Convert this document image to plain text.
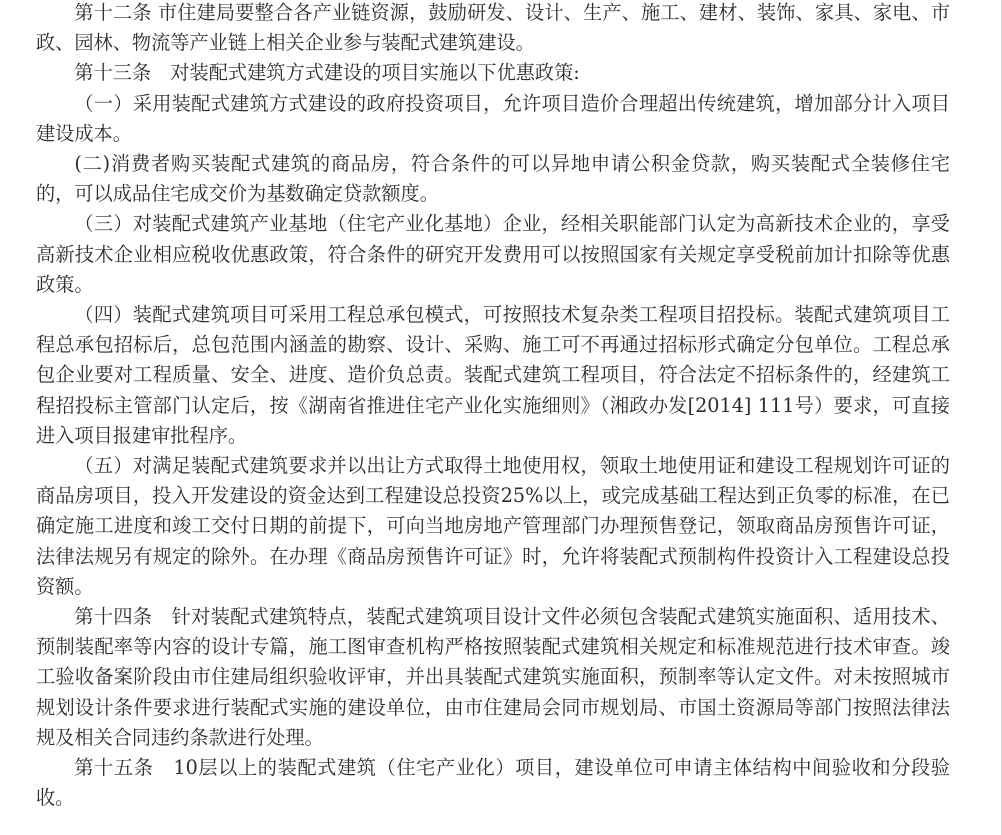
第十二条 市住建局要整合各产业链资源，鼓励研发、设计、生产、施工、建材、装饰、家具、家电、市政、园林、物流等产业链上相关企业参与装配式建筑建设。

第十三条　对装配式建筑方式建设的项目实施以下优惠政策:

（一）采用装配式建筑方式建设的政府投资项目，允许项目造价合理超出传统建筑，增加部分计入项目建设成本。

(二)消费者购买装配式建筑的商品房，符合条件的可以异地申请公积金贷款，购买装配式全装修住宅的，可以成品住宅成交价为基数确定贷款额度。

（三）对装配式建筑产业基地（住宅产业化基地）企业，经相关职能部门认定为高新技术企业的，享受高新技术企业相应税收优惠政策，符合条件的研究开发费用可以按照国家有关规定享受税前加计扣除等优惠政策。

（四）装配式建筑项目可采用工程总承包模式，可按照技术复杂类工程项目招投标。装配式建筑项目工程总承包招标后，总包范围内涵盖的勘察、设计、采购、施工可不再通过招标形式确定分包单位。工程总承包企业要对工程质量、安全、进度、造价负总责。装配式建筑工程项目，符合法定不招标条件的，经建筑工程招投标主管部门认定后，按《湖南省推进住宅产业化实施细则》（湘政办发[2014] 111号）要求，可直接进入项目报建审批程序。

（五）对满足装配式建筑要求并以出让方式取得土地使用权，领取土地使用证和建设工程规划许可证的商品房项目，投入开发建设的资金达到工程建设总投资25%以上，或完成基础工程达到正负零的标准，在已确定施工进度和竣工交付日期的前提下，可向当地房地产管理部门办理预售登记，领取商品房预售许可证，法律法规另有规定的除外。在办理《商品房预售许可证》时，允许将装配式预制构件投资计入工程建设总投资额。

第十四条　针对装配式建筑特点，装配式建筑项目设计文件必须包含装配式建筑实施面积、适用技术、预制装配率等内容的设计专篇，施工图审查机构严格按照装配式建筑相关规定和标准规范进行技术审查。竣工验收备案阶段由市住建局组织验收评审，并出具装配式建筑实施面积，预制率等认定文件。对未按照城市规划设计条件要求进行装配式实施的建设单位，由市住建局会同市规划局、市国土资源局等部门按照法律法规及相关合同违约条款进行处理。

第十五条　10层以上的装配式建筑（住宅产业化）项目，建设单位可申请主体结构中间验收和分段验收。
